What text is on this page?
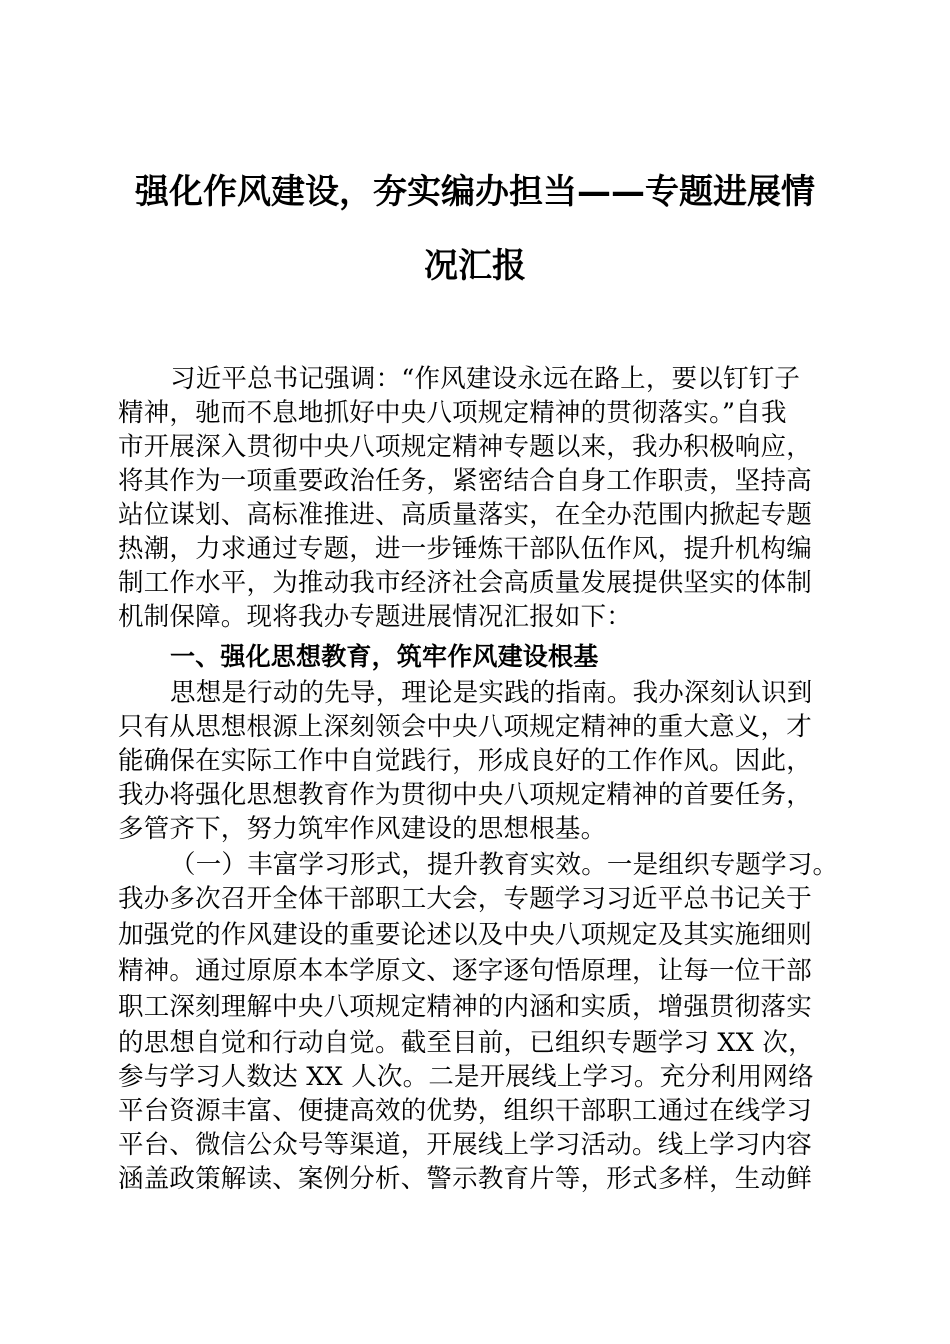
强化作风建设，夯实编办担当——专题进展情
况汇报
习近平总书记强调：“作风建设永远在路上，要以钉钉子
精神，驰而不息地抓好中央八项规定精神的贯彻落实。”自我
市开展深入贯彻中央八项规定精神专题以来，我办积极响应，
将其作为一项重要政治任务，紧密结合自身工作职责，坚持高
站位谋划、高标准推进、高质量落实，在全办范围内掀起专题
热潮，力求通过专题，进一步锤炼干部队伍作风，提升机构编
制工作水平，为推动我市经济社会高质量发展提供坚实的体制
机制保障。现将我办专题进展情况汇报如下：
一、强化思想教育，筑牢作风建设根基
思想是行动的先导，理论是实践的指南。我办深刻认识到
只有从思想根源上深刻领会中央八项规定精神的重大意义，才
能确保在实际工作中自觉践行，形成良好的工作作风。因此，
我办将强化思想教育作为贯彻中央八项规定精神的首要任务，
多管齐下，努力筑牢作风建设的思想根基。
（一）丰富学习形式，提升教育实效。一是组织专题学习。
我办多次召开全体干部职工大会，专题学习习近平总书记关于
加强党的作风建设的重要论述以及中央八项规定及其实施细则
精神。通过原原本本学原文、逐字逐句悟原理，让每一位干部
职工深刻理解中央八项规定精神的内涵和实质，增强贯彻落实
的思想自觉和行动自觉。截至目前，已组织专题学习 XX 次，
参与学习人数达 XX 人次。二是开展线上学习。充分利用网络
平台资源丰富、便捷高效的优势，组织干部职工通过在线学习
平台、微信公众号等渠道，开展线上学习活动。线上学习内容
涵盖政策解读、案例分析、警示教育片等，形式多样，生动鲜
